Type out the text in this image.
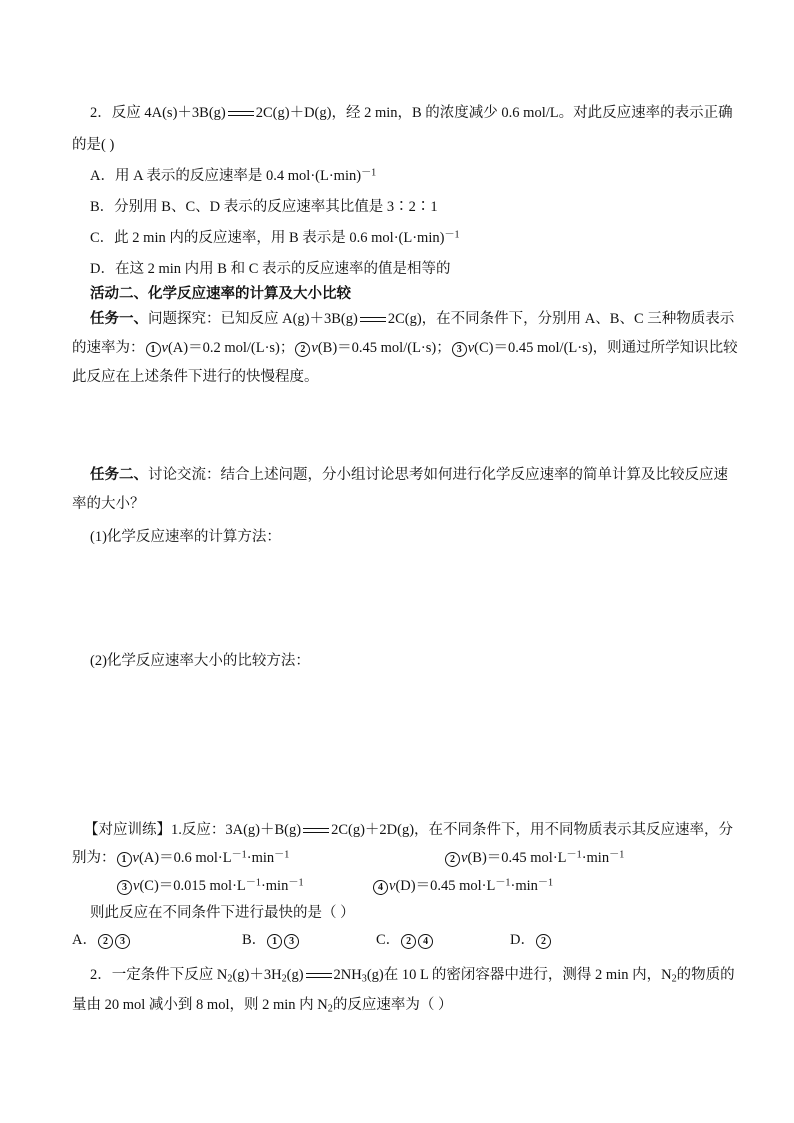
2．反应 4A(s)＋3B(g) 2C(g)＋D(g)，经 2 min，B 的浓度减少 0.6 mol/L。对此反应速率的表示正确
的是( )
A．用 A 表示的反应速率是 0.4 $mol\cdot(L\cdot\min)^{-1}$
B．分别用 B、C、D 表示的反应速率其比值是 3∶2∶1
C．此 2 min 内的反应速率，用 B 表示是 0.6 $mol\cdot(L\cdot\min)^{-1}$
D．在这 2 min 内用 B 和 C 表示的反应速率的值是相等的
活动二、化学反应速率的计算及大小比较
任务一、问题探究：已知反应 A(g)＋3B(g) 2C(g)，在不同条件下，分别用 A、B、C 三种物质表示
的速率为： 1 v(A)＝0.2 mol/(L·s)； 2 v(B)＝0.45 mol/(L·s)； 3 v(C)＝0.45 mol/(L·s)，则通过所学知识比较
此反应在上述条件下进行的快慢程度。
任务二、讨论交流：结合上述问题，分小组讨论思考如何进行化学反应速率的简单计算及比较反应速
率的大小？
(1)化学反应速率的计算方法：
(2)化学反应速率大小的比较方法：
【对应训练】1.反应：3A(g)＋B(g) 2C(g)＋2D(g)，在不同条件下，用不同物质表示其反应速率，分
别为： 1 v(A)＝0.6 $mol\cdot L^{-1}\cdot\min^{-1}$	2 v(B)＝0.45 $mol\cdot L^{-1}\cdot\min^{-1}$
3 v(C)＝0.015 $mol\cdot L^{-1}\cdot\min^{-1}$	4 v(D)＝0.45 $mol\cdot L^{-1}\cdot\min^{-1}$
则此反应在不同条件下进行最快的是（ ）
A． 2 3	B． 1 3	C． 2 4	D． 2
2．一定条件下反应 $N_2(g)+3H_2(g)$ $2NH_3(g)$在 10 L 的密闭容器中进行，测得 2 min 内，$N_2$的物质的
量由 20 mol 减小到 8 mol，则 2 min 内 $N_2$的反应速率为（ ）
